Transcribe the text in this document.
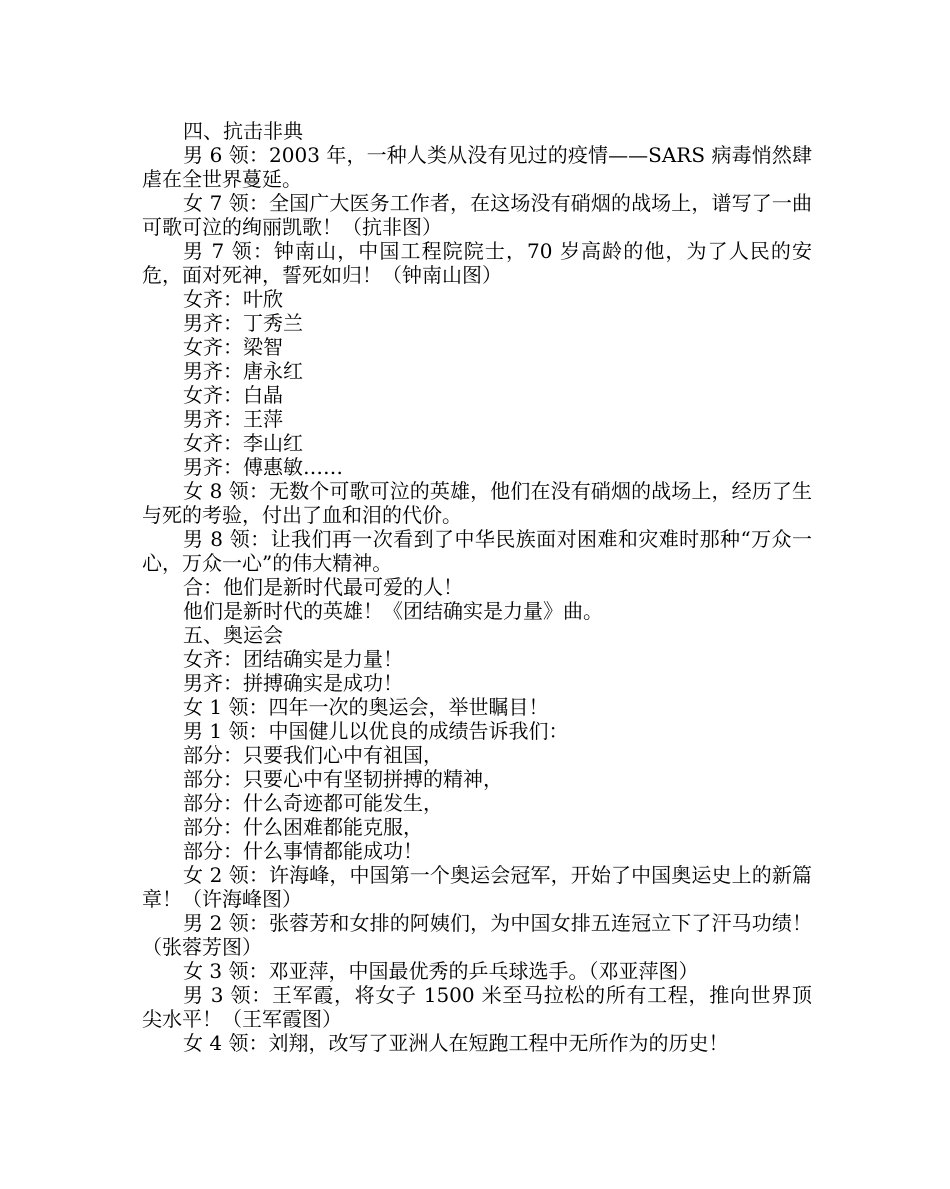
四、抗击非典

男 6 领：2003 年，一种人类从没有见过的疫情——SARS 病毒悄然肆虐在全世界蔓延。

女 7 领：全国广大医务工作者，在这场没有硝烟的战场上，谱写了一曲可歌可泣的绚丽凯歌！（抗非图）

男 7 领：钟南山，中国工程院院士，70 岁高龄的他，为了人民的安危，面对死神，誓死如归！（钟南山图）

女齐：叶欣

男齐：丁秀兰

女齐：梁智

男齐：唐永红

女齐：白晶

男齐：王萍

女齐：李山红

男齐：傅惠敏……

女 8 领：无数个可歌可泣的英雄，他们在没有硝烟的战场上，经历了生与死的考验，付出了血和泪的代价。

男 8 领：让我们再一次看到了中华民族面对困难和灾难时那种“万众一心，万众一心”的伟大精神。

合：他们是新时代最可爱的人！

他们是新时代的英雄！《团结确实是力量》曲。

五、奥运会

女齐：团结确实是力量！

男齐：拼搏确实是成功！

女 1 领：四年一次的奥运会，举世瞩目！

男 1 领：中国健儿以优良的成绩告诉我们：

部分：只要我们心中有祖国，

部分：只要心中有坚韧拼搏的精神，

部分：什么奇迹都可能发生，

部分：什么困难都能克服，

部分：什么事情都能成功！

女 2 领：许海峰，中国第一个奥运会冠军，开始了中国奥运史上的新篇章！（许海峰图）

男 2 领：张蓉芳和女排的阿姨们，为中国女排五连冠立下了汗马功绩！（张蓉芳图）

女 3 领：邓亚萍，中国最优秀的乒乓球选手。（邓亚萍图）

男 3 领：王军霞，将女子 1500 米至马拉松的所有工程，推向世界顶尖水平！（王军霞图）

女 4 领：刘翔，改写了亚洲人在短跑工程中无所作为的历史！
